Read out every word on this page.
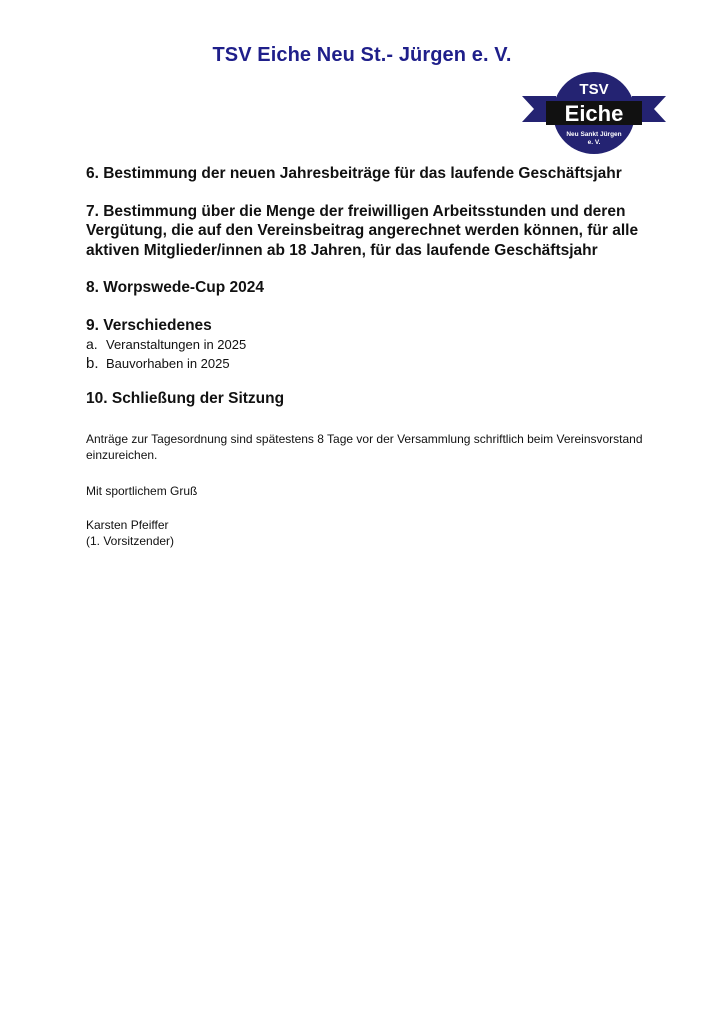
TSV Eiche Neu St.- Jürgen e. V.
TSV
Eiche
Neu Sankt Jürgen
e. V.

6. Bestimmung der neuen Jahresbeiträge für das laufende Geschäftsjahr

7. Bestimmung über die Menge der freiwilligen Arbeitsstunden und deren Vergütung, die auf den Vereinsbeitrag angerechnet werden können, für alle aktiven Mitglieder/innen ab 18 Jahren, für das laufende Geschäftsjahr

8. Worpswede-Cup 2024

9. Verschiedenes

a. Veranstaltungen in 2025
b. Bauvorhaben in 2025

10. Schließung der Sitzung

Anträge zur Tagesordnung sind spätestens 8 Tage vor der Versammlung schriftlich beim Vereinsvorstand einzureichen.

Mit sportlichem Gruß

Karsten Pfeiffer

(1. Vorsitzender)
